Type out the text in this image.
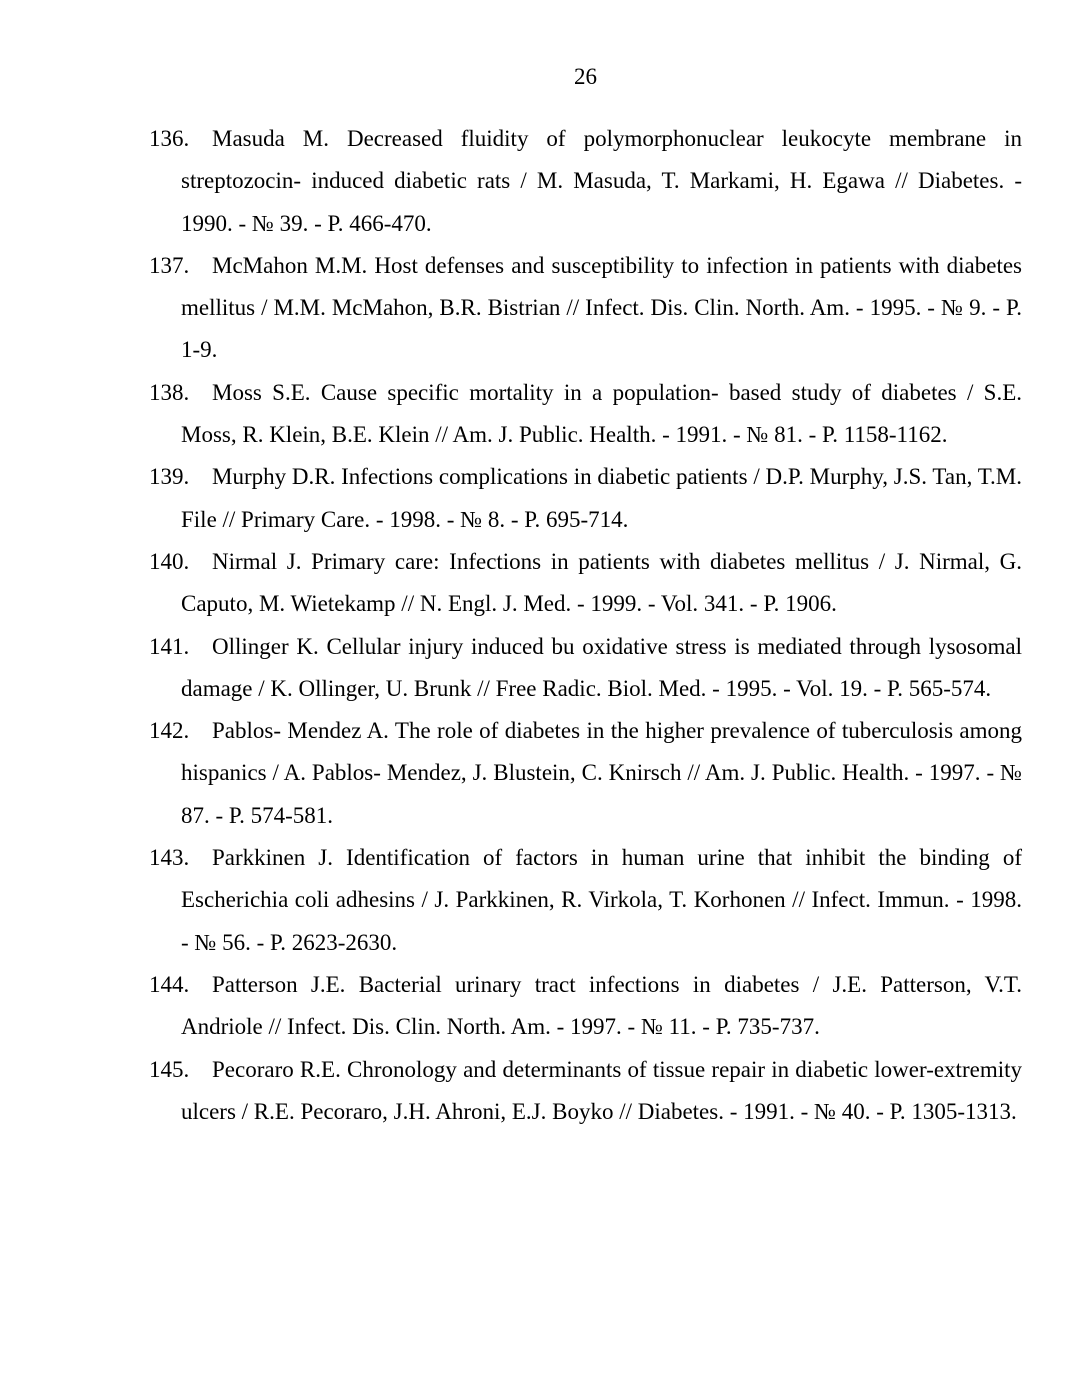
26
136. Masuda M. Decreased fluidity of polymorphonuclear leukocyte membrane in streptozocin- induced diabetic rats / M. Masuda, T. Markami, H. Egawa // Diabetes. - 1990. - № 39. - P. 466-470.
137. McMahon M.M. Host defenses and susceptibility to infection in patients with diabetes mellitus / M.M. McMahon, B.R. Bistrian // Infect. Dis. Clin. North. Am. - 1995. - № 9. - P. 1-9.
138. Moss S.E. Cause specific mortality in a population- based study of diabetes / S.E. Moss, R. Klein, B.E. Klein // Am. J. Public. Health. - 1991. - № 81. - P. 1158-1162.
139. Murphy D.R. Infections complications in diabetic patients / D.P. Murphy, J.S. Tan, T.M. File // Primary Care. - 1998. - № 8. - P. 695-714.
140. Nirmal J. Primary care: Infections in patients with diabetes mellitus / J. Nirmal, G. Caputo, M. Wietekamp // N. Engl. J. Med. - 1999. - Vol. 341. - P. 1906.
141. Ollinger K. Cellular injury induced bu oxidative stress is mediated through lysosomal damage / K. Ollinger, U. Brunk // Free Radic. Biol. Med. - 1995. - Vol. 19. - P. 565-574.
142. Pablos- Mendez A. The role of diabetes in the higher prevalence of tuberculosis among hispanics / A. Pablos- Mendez, J. Blustein, C. Knirsch // Am. J. Public. Health. - 1997. - № 87. - P. 574-581.
143. Parkkinen J. Identification of factors in human urine that inhibit the binding of Escherichia coli adhesins / J. Parkkinen, R. Virkola, T. Korhonen // Infect. Immun. - 1998. - № 56. - P. 2623-2630.
144. Patterson J.E. Bacterial urinary tract infections in diabetes / J.E. Patterson, V.T. Andriole // Infect. Dis. Clin. North. Am. - 1997. - № 11. - P. 735-737.
145. Pecoraro R.E. Chronology and determinants of tissue repair in diabetic lower-extremity ulcers / R.E. Pecoraro, J.H. Ahroni, E.J. Boyko // Diabetes. - 1991. - № 40. - P. 1305-1313.
